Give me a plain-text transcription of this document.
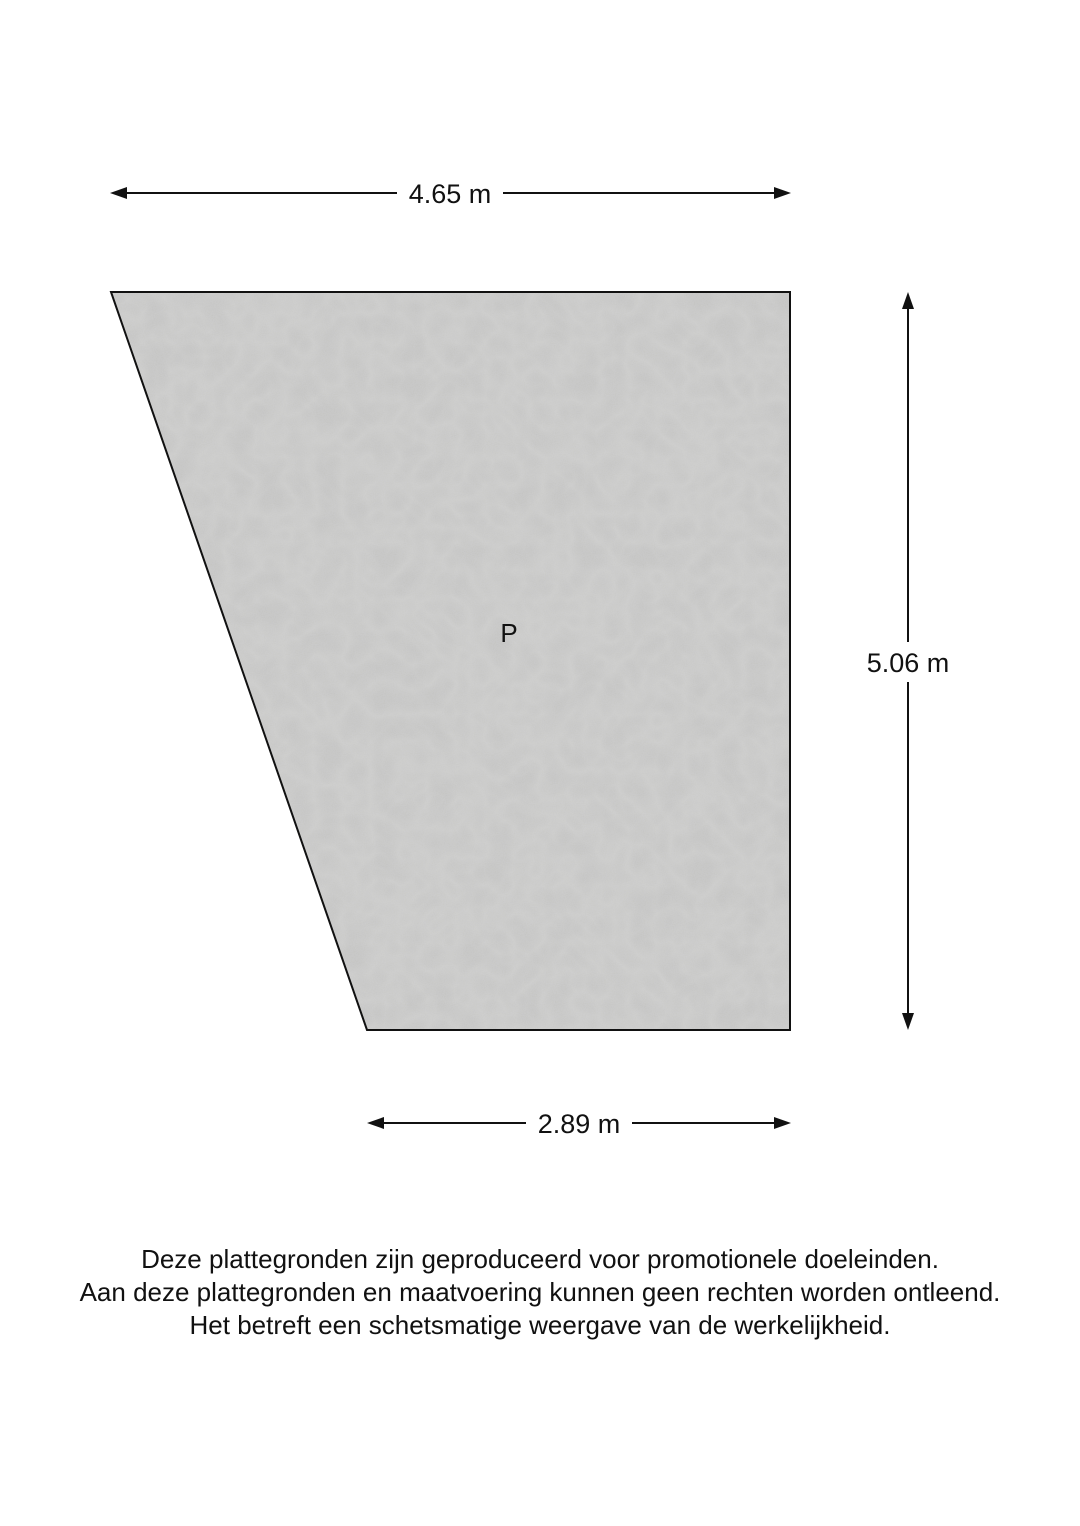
P
4.65 m
5.06 m
2.89 m
Deze plattegronden zijn geproduceerd voor promotionele doeleinden.
Aan deze plattegronden en maatvoering kunnen geen rechten worden ontleend.
Het betreft een schetsmatige weergave van de werkelijkheid.
